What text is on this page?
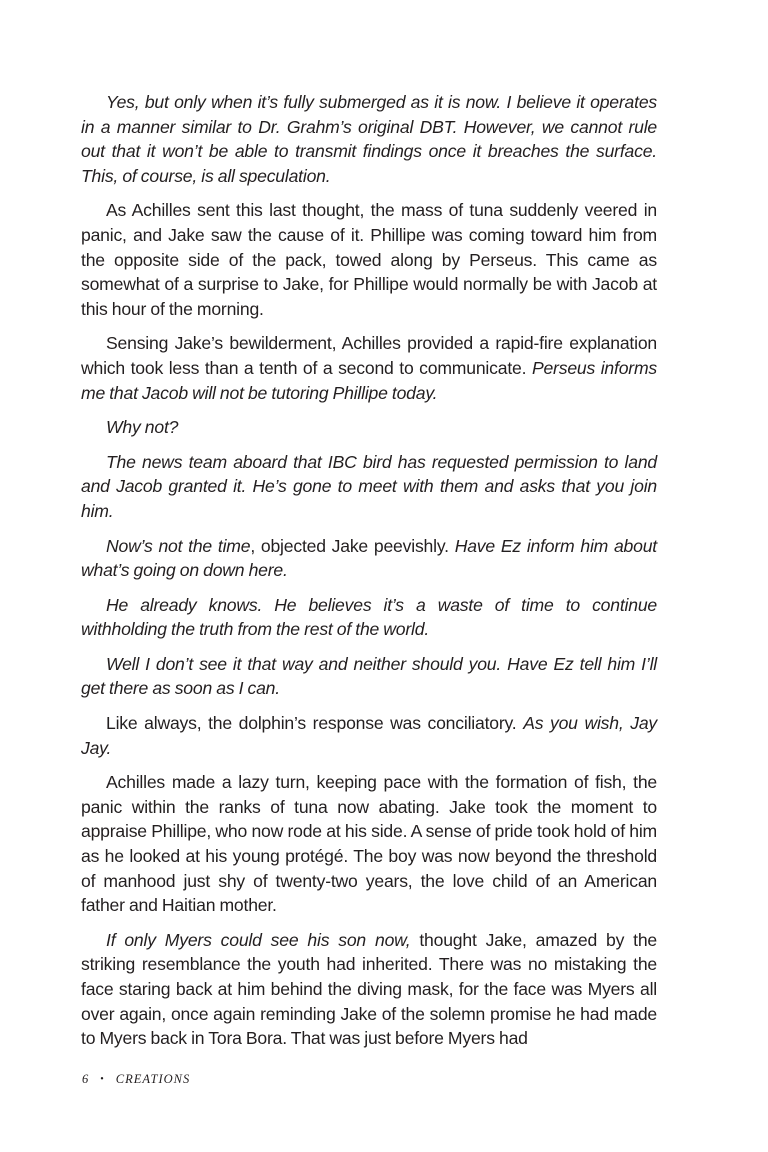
Yes, but only when it’s fully submerged as it is now. I believe it operates in a manner similar to Dr. Grahm’s original DBT. However, we cannot rule out that it won’t be able to transmit findings once it breaches the surface. This, of course, is all speculation.

As Achilles sent this last thought, the mass of tuna suddenly veered in panic, and Jake saw the cause of it. Phillipe was coming toward him from the opposite side of the pack, towed along by Perseus. This came as somewhat of a surprise to Jake, for Phillipe would normally be with Jacob at this hour of the morning.

Sensing Jake’s bewilderment, Achilles provided a rapid-fire explanation which took less than a tenth of a second to communicate. Perseus informs me that Jacob will not be tutoring Phillipe today.

Why not?

The news team aboard that IBC bird has requested permission to land and Jacob granted it. He’s gone to meet with them and asks that you join him.

Now’s not the time, objected Jake peevishly. Have Ez inform him about what’s going on down here.

He already knows. He believes it’s a waste of time to continue withholding the truth from the rest of the world.

Well I don’t see it that way and neither should you. Have Ez tell him I’ll get there as soon as I can.

Like always, the dolphin’s response was conciliatory. As you wish, Jay Jay.

Achilles made a lazy turn, keeping pace with the formation of fish, the panic within the ranks of tuna now abating. Jake took the moment to appraise Phillipe, who now rode at his side. A sense of pride took hold of him as he looked at his young protégé. The boy was now beyond the threshold of manhood just shy of twenty-two years, the love child of an American father and Haitian mother.

If only Myers could see his son now, thought Jake, amazed by the striking resemblance the youth had inherited. There was no mistaking the face staring back at him behind the diving mask, for the face was Myers all over again, once again reminding Jake of the solemn promise he had made to Myers back in Tora Bora. That was just before Myers had

6 • CREATIONS
